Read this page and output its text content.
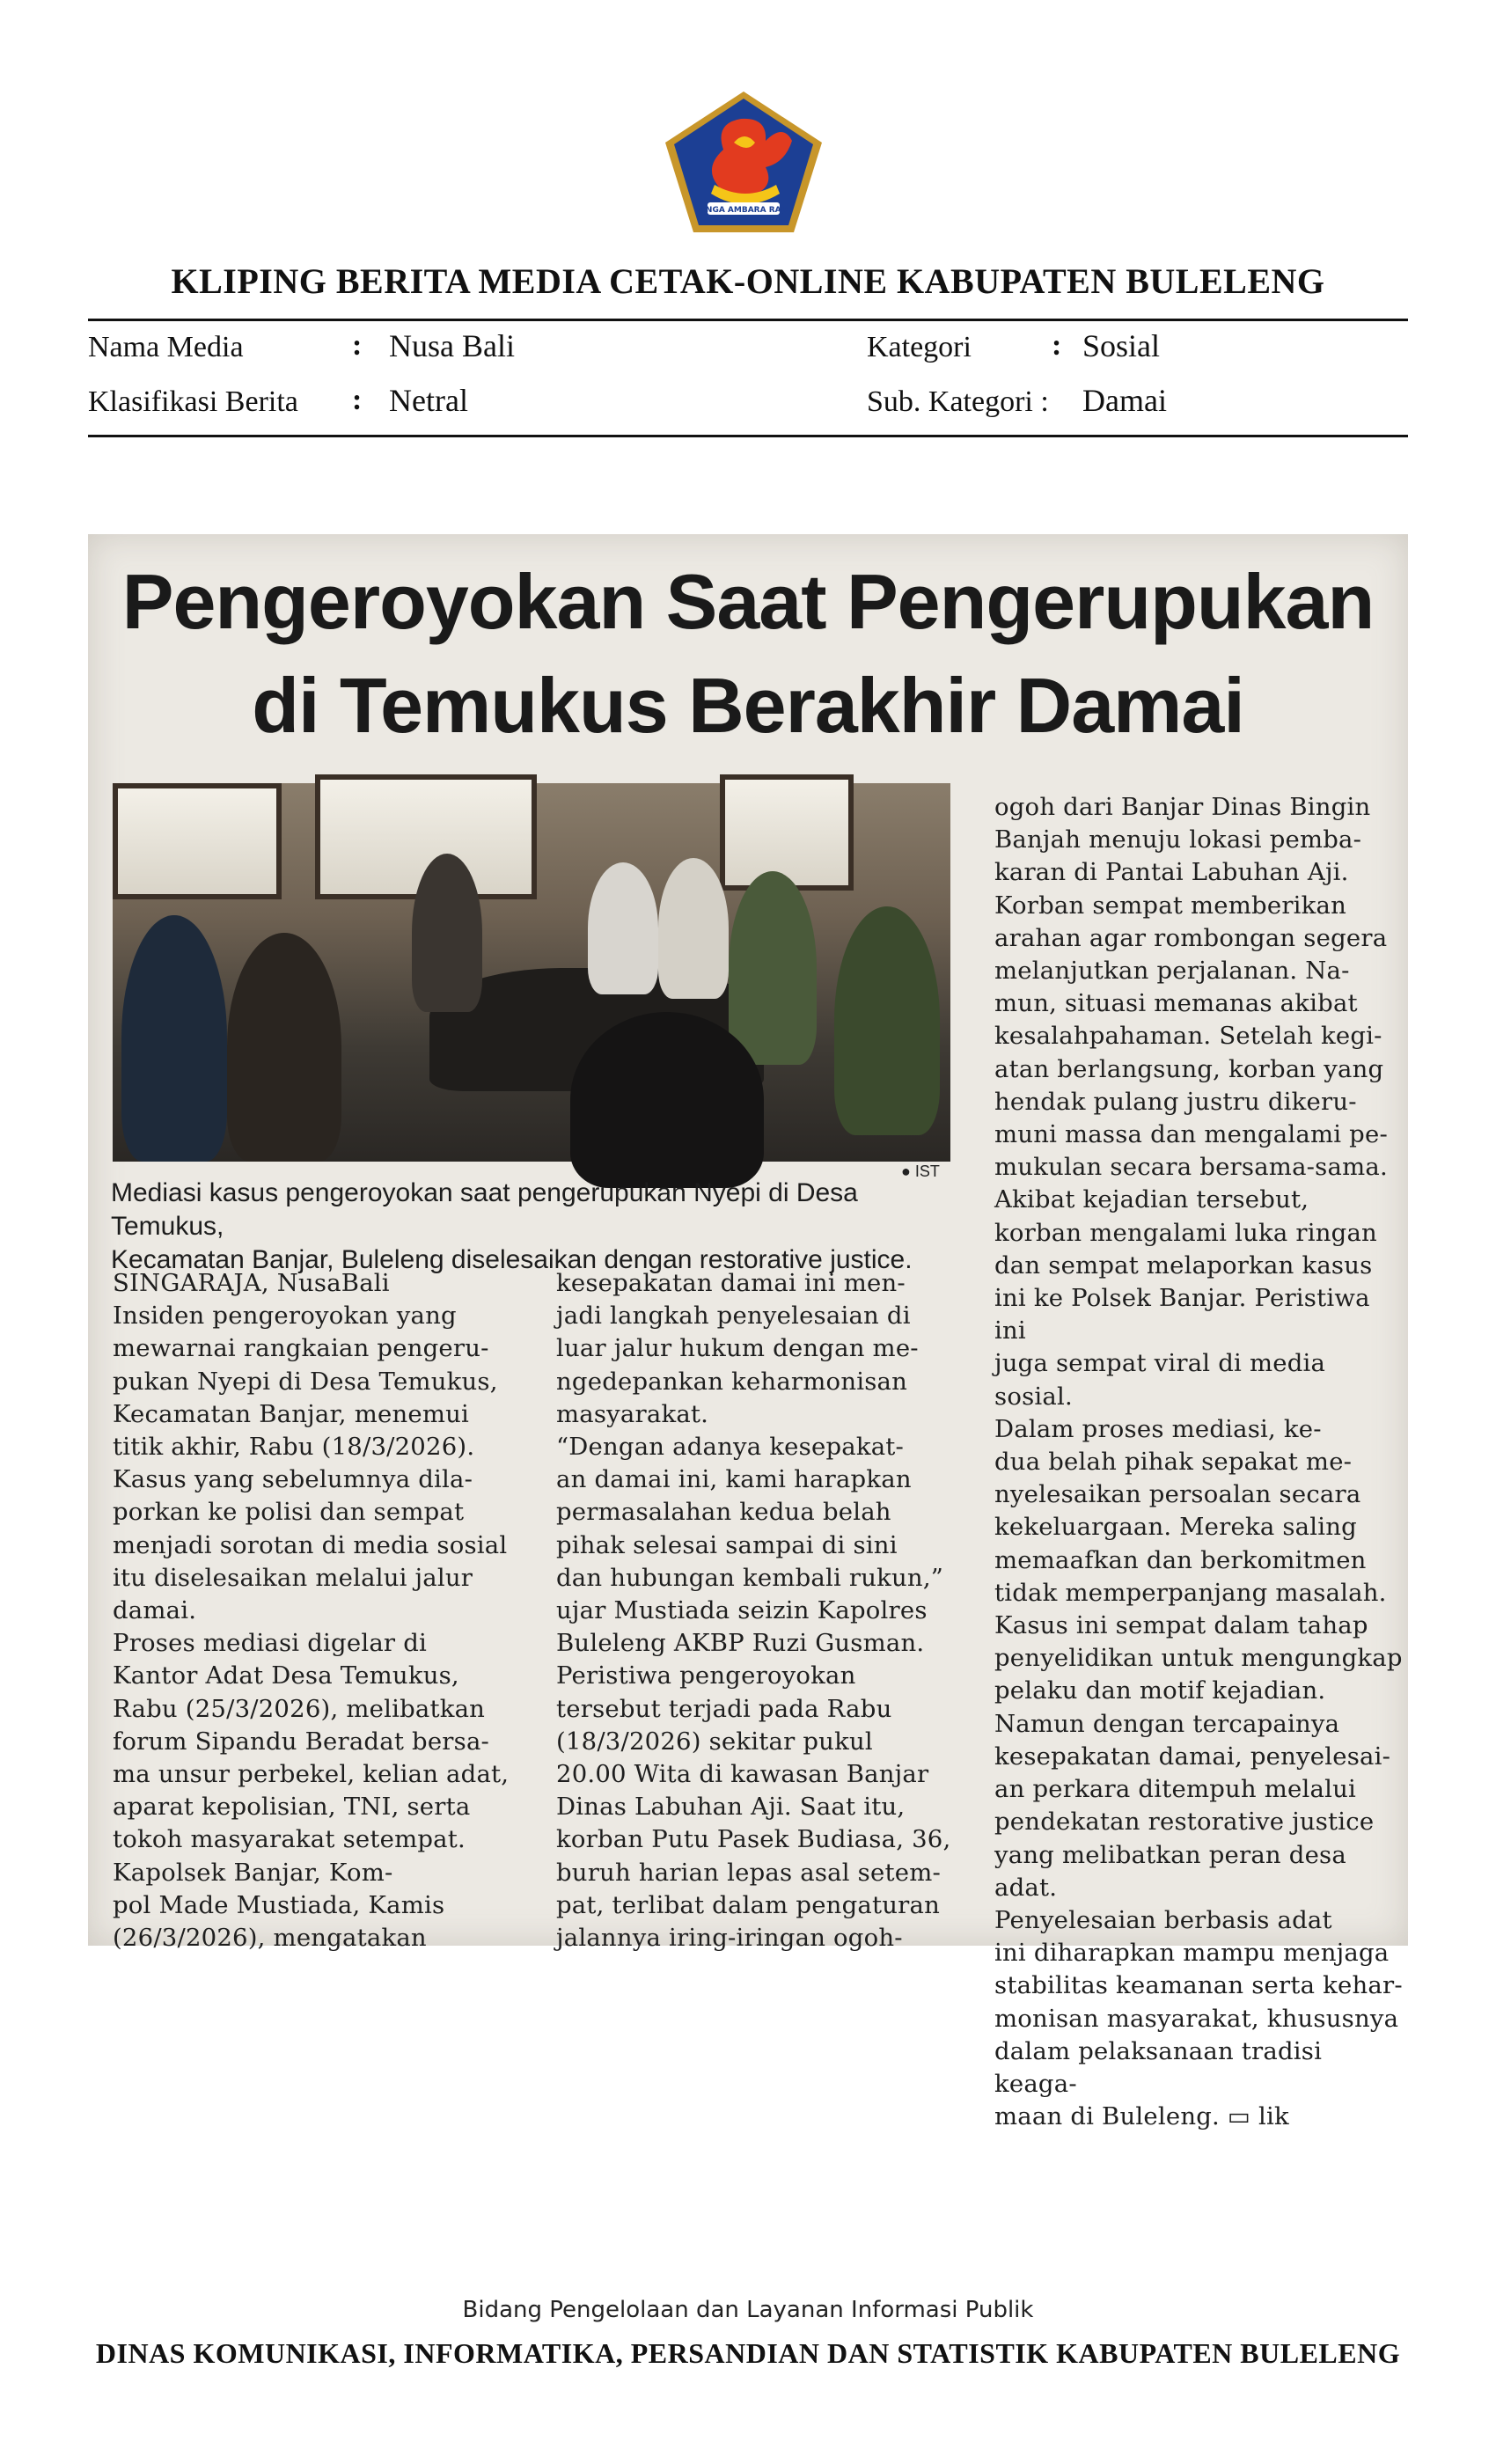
SINGA AMBARA RAJA
KLIPING BERITA MEDIA CETAK-ONLINE KABUPATEN BULELENG
Nama Media	: Nusa Bali
Klasifikasi Berita : Netral
Kategori	: Sosial
Sub. Kategori : Damai
Pengeroyokan Saat Pengerupukan
di Temukus Berakhir Damai
● IST
Mediasi kasus pengeroyokan saat pengerupukan Nyepi di Desa Temukus,
Kecamatan Banjar, Buleleng diselesaikan dengan restorative justice.
SINGARAJA, NusaBali
Insiden pengeroyokan yang
mewarnai rangkaian pengeru-
pukan Nyepi di Desa Temukus,
Kecamatan Banjar, menemui
titik akhir, Rabu (18/3/2026).
Kasus yang sebelumnya dila-
porkan ke polisi dan sempat
menjadi sorotan di media sosial
itu diselesaikan melalui jalur
damai.
Proses mediasi digelar di
Kantor Adat Desa Temukus,
Rabu (25/3/2026), melibatkan
forum Sipandu Beradat bersa-
ma unsur perbekel, kelian adat,
aparat kepolisian, TNI, serta
tokoh masyarakat setempat.
Kapolsek Banjar, Kom-
pol Made Mustiada, Kamis
(26/3/2026), mengatakan
kesepakatan damai ini men-
jadi langkah penyelesaian di
luar jalur hukum dengan me-
ngedepankan keharmonisan
masyarakat.
“Dengan adanya kesepakat-
an damai ini, kami harapkan
permasalahan kedua belah
pihak selesai sampai di sini
dan hubungan kembali rukun,”
ujar Mustiada seizin Kapolres
Buleleng AKBP Ruzi Gusman.
Peristiwa pengeroyokan
tersebut terjadi pada Rabu
(18/3/2026) sekitar pukul
20.00 Wita di kawasan Banjar
Dinas Labuhan Aji. Saat itu,
korban Putu Pasek Budiasa, 36,
buruh harian lepas asal setem-
pat, terlibat dalam pengaturan
jalannya iring-iringan ogoh-
ogoh dari Banjar Dinas Bingin
Banjah menuju lokasi pemba-
karan di Pantai Labuhan Aji.
Korban sempat memberikan
arahan agar rombongan segera
melanjutkan perjalanan. Na-
mun, situasi memanas akibat
kesalahpahaman. Setelah kegi-
atan berlangsung, korban yang
hendak pulang justru dikeru-
muni massa dan mengalami pe-
mukulan secara bersama-sama.
Akibat kejadian tersebut,
korban mengalami luka ringan
dan sempat melaporkan kasus
ini ke Polsek Banjar. Peristiwa ini
juga sempat viral di media sosial.
Dalam proses mediasi, ke-
dua belah pihak sepakat me-
nyelesaikan persoalan secara
kekeluargaan. Mereka saling
memaafkan dan berkomitmen
tidak memperpanjang masalah.
Kasus ini sempat dalam tahap
penyelidikan untuk mengungkap
pelaku dan motif kejadian.
Namun dengan tercapainya
kesepakatan damai, penyelesai-
an perkara ditempuh melalui
pendekatan restorative justice
yang melibatkan peran desa adat.
Penyelesaian berbasis adat
ini diharapkan mampu menjaga
stabilitas keamanan serta kehar-
monisan masyarakat, khususnya
dalam pelaksanaan tradisi keaga-
maan di Buleleng. ▭ lik
Bidang Pengelolaan dan Layanan Informasi Publik
DINAS KOMUNIKASI, INFORMATIKA, PERSANDIAN DAN STATISTIK KABUPATEN BULELENG
